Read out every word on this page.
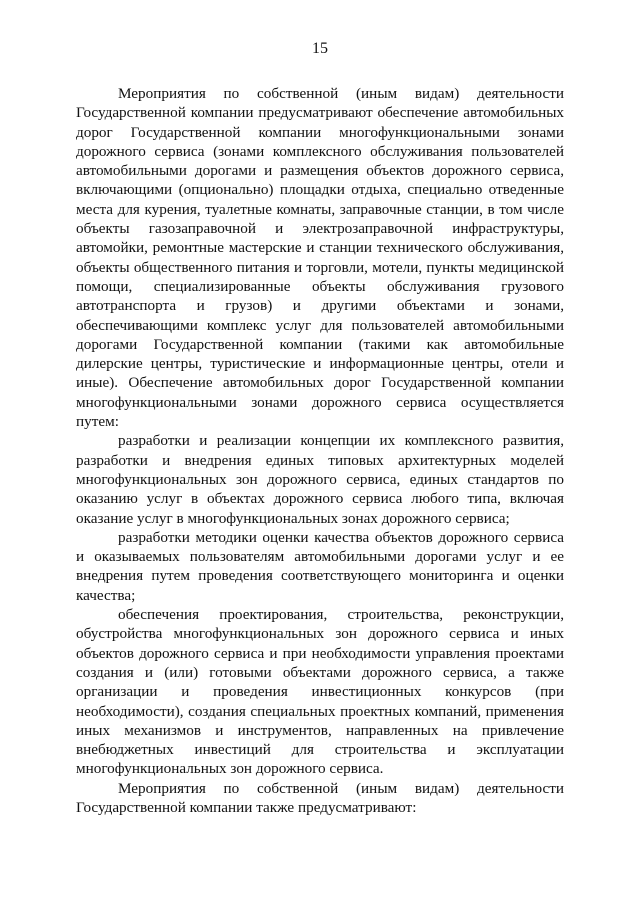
15

Мероприятия по собственной (иным видам) деятельности Государственной компании предусматривают обеспечение автомобильных дорог Государственной компании многофункциональными зонами дорожного сервиса (зонами комплексного обслуживания пользователей автомобильными дорогами и размещения объектов дорожного сервиса, включающими (опционально) площадки отдыха, специально отведенные места для курения, туалетные комнаты, заправочные станции, в том числе объекты газозаправочной и электрозаправочной инфраструктуры, автомойки, ремонтные мастерские и станции технического обслуживания, объекты общественного питания и торговли, мотели, пункты медицинской помощи, специализированные объекты обслуживания грузового автотранспорта и грузов) и другими объектами и зонами, обеспечивающими комплекс услуг для пользователей автомобильными дорогами Государственной компании (такими как автомобильные дилерские центры, туристические и информационные центры, отели и иные). Обеспечение автомобильных дорог Государственной компании многофункциональными зонами дорожного сервиса осуществляется путем:

разработки и реализации концепции их комплексного развития, разработки и внедрения единых типовых архитектурных моделей многофункциональных зон дорожного сервиса, единых стандартов по оказанию услуг в объектах дорожного сервиса любого типа, включая оказание услуг в многофункциональных зонах дорожного сервиса;

разработки методики оценки качества объектов дорожного сервиса и оказываемых пользователям автомобильными дорогами услуг и ее внедрения путем проведения соответствующего мониторинга и оценки качества;

обеспечения проектирования, строительства, реконструкции, обустройства многофункциональных зон дорожного сервиса и иных объектов дорожного сервиса и при необходимости управления проектами создания и (или) готовыми объектами дорожного сервиса, а также организации и проведения инвестиционных конкурсов (при необходимости), создания специальных проектных компаний, применения иных механизмов и инструментов, направленных на привлечение внебюджетных инвестиций для строительства и эксплуатации многофункциональных зон дорожного сервиса.

Мероприятия по собственной (иным видам) деятельности Государственной компании также предусматривают:
